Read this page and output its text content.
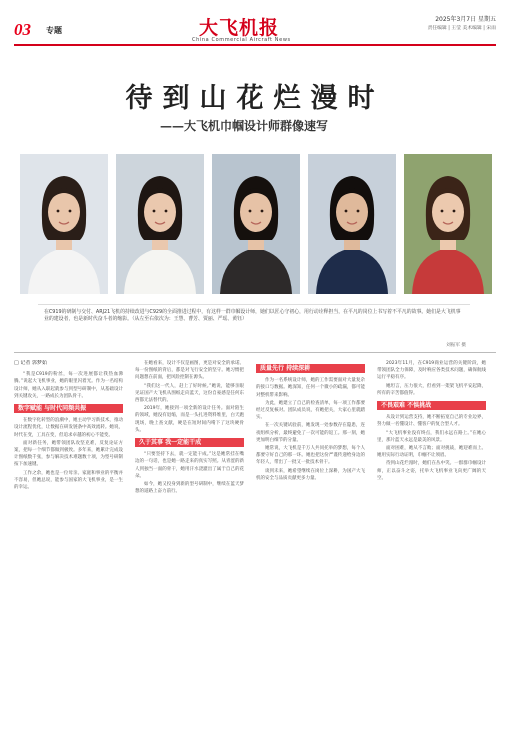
03 专题	大飞机报
China Commercial Aircraft News
2025年3月7日 星期五
责任编辑 | 王莹 美术编辑 | 宋雨
待到山花烂漫时
——大飞机巾帼设计师群像速写
在C919的研制与交付、ARJ21飞机的持续改进与C929的全面推进过程中，有这样一群巾帼设计师，她们以匠心守初心，用行动诠释担当，在平凡的岗位上书写着不平凡的故事。她们是大飞机事业的建设者，也是新时代奋斗者的缩影。（从左至右依次为：王慧、曹芳、贾丽、严瑶、黄钰）
刘振军 摄
□ 记者 郭梦茹

“我是C919的粉丝，每一次进展都让我热血沸腾。”说起大飞机事业，她的眼里闪着光。作为一名结构设计师，她从入职起就参与到型号研制中，从基础设计到关键攻关，一路成长为团队骨干。

数字赋能 与时代同频共振

在数字化转型的浪潮中，她主动学习新技术，推动设计流程优化，让数据在研发链条中高效流转。她说，时代在变，工具在变，但追求卓越的初心不能变。

面对新任务，她带领团队攻坚克难，反复论证方案，把每一个细节都做到极致。多年来，她累计完成设计图纸数千张，参与解决技术难题数十项，为型号研制按下加速键。

工作之余，她也是一位母亲。家庭和事业的平衡并不容易，但她总说，能参与国家的大飞机事业，是一生的幸运。

在她看来，设计不仅是画图，更是对安全的承诺。每一份图纸的背后，都是对飞行安全的坚守。她习惯把问题想在前面，把风险控制在源头。

“我们这一代人，赶上了好时候。”她说，能够亲眼见证国产大飞机从图纸走向蓝天，这份自豪感是任何东西都无法替代的。

2019年，她接到一项全新的设计任务。面对陌生的领域，她没有退缩，而是一头扎进资料堆里，白天跑现场，晚上查文献，硬是在短时间内啃下了这块硬骨头。

久于其事 我一定能干成

“只要坚持下去，就一定能干成。”这是她常挂在嘴边的一句话，也是她一路走来的真实写照。从青涩的新人到独当一面的骨干，她用汗水浇灌出了属于自己的花朵。

如今，她又投身到新的型号研制中，继续在蓝天梦想的道路上奋力前行。

质量先行 持续深耕

作为一名系统设计师，她的工作需要面对大量复杂的接口与数据。她深知，任何一个微小的疏漏，都可能对整机带来影响。

为此，她建立了自己的检查清单，每一项工作都要经过反复核对。团队成员说，有她把关，大家心里就踏实。

在一次关键试验前，她发现一处参数存在隐患，连夜组织分析，最终避免了一次可能的返工。那一刻，她更加明白细节的分量。

她常说，大飞机是千万人共同托举的梦想，每个人都要守好自己的那一环。她也把这份严谨传递给身边的年轻人，带出了一批又一批技术骨干。

谈到未来，她希望继续在岗位上深耕，为国产大飞机的安全与品质贡献更多力量。

2023年11月，在C919商业运营的关键阶段，她带领团队全力保障，及时响应各类技术问题，确保航线运行平稳有序。

她坦言，压力很大，但看到一架架飞机平安起降，所有的辛苦都值得。

不畏艰难 不惧挑战

从设计到运营支持，她不断拓宽自己的专业边界，努力做一名懂设计、懂客户的复合型人才。

“大飞机事业没有终点，我们永远在路上。”在她心里，那片蓝天永远是最美的风景。

面对困难，她从不言败；面对挑战，她迎难而上。她用实际行动证明，巾帼不让须眉。

待到山花烂漫时，她们在丛中笑。一群群巾帼设计师，正以奋斗之姿，托举大飞机事业飞向更广阔的天空。
